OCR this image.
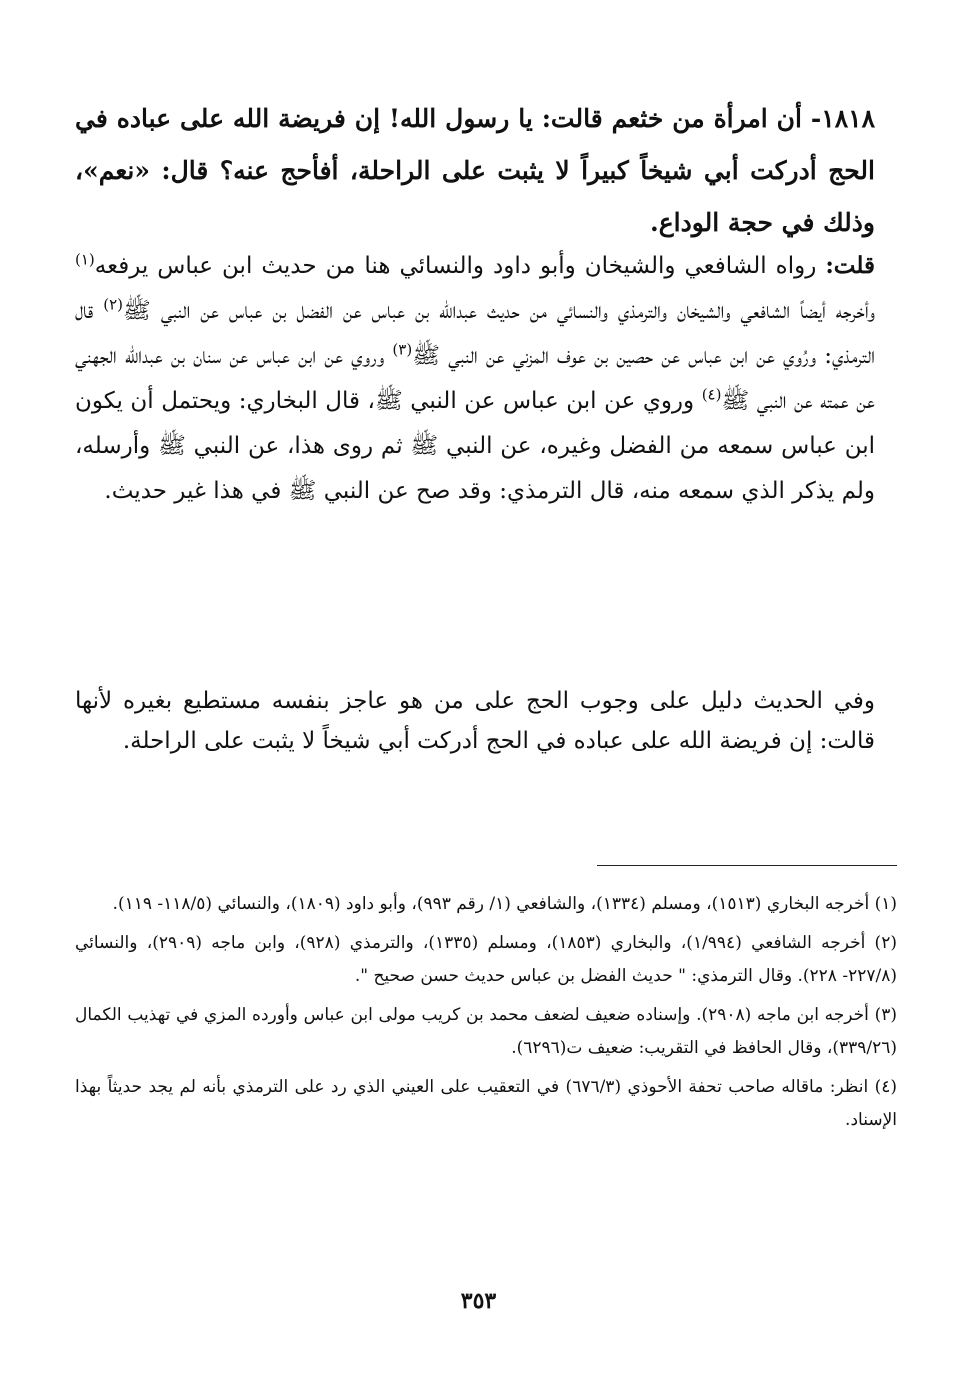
١٨١٨- أن امرأة من خثعم قالت: يا رسول الله! إن فريضة الله على عباده في الحج أدركت أبي شيخاً كبيراً لا يثبت على الراحلة، أفأحج عنه؟ قال: «نعم»، وذلك في حجة الوداع.

قلت: رواه الشافعي والشيخان وأبو داود والنسائي هنا من حديث ابن عباس يرفعه$^{(١)}$ وأخرجه أيضاً الشافعي والشيخان والترمذي والنسائي من حديث عبدالله بن عباس عن الفضل بن عباس عن النبي ﷺ$^{(٢)}$ قال الترمذي: ورُوي عن ابن عباس عن حصين بن عوف المزني عن النبي ﷺ$^{(٣)}$ وروي عن ابن عباس عن سنان بن عبدالله الجهني عن عمته عن النبي ﷺ$^{(٤)}$ وروي عن ابن عباس عن النبي ﷺ، قال البخاري: ويحتمل أن يكون ابن عباس سمعه من الفضل وغيره، عن النبي ﷺ ثم روى هذا، عن النبي ﷺ وأرسله، ولم يذكر الذي سمعه منه، قال الترمذي: وقد صح عن النبي ﷺ في هذا غير حديث.

وفي الحديث دليل على وجوب الحج على من هو عاجز بنفسه مستطيع بغيره لأنها قالت: إن فريضة الله على عباده في الحج أدركت أبي شيخاً لا يثبت على الراحلة.

(١) أخرجه البخاري (١٥١٣)، ومسلم (١٣٣٤)، والشافعي (١/ رقم ٩٩٣)، وأبو داود (١٨٠٩)، والنسائي (١١٨/٥- ١١٩).

(٢) أخرجه الشافعي (١/٩٩٤)، والبخاري (١٨٥٣)، ومسلم (١٣٣٥)، والترمذي (٩٢٨)، وابن ماجه (٢٩٠٩)، والنسائي (٢٢٧/٨- ٢٢٨). وقال الترمذي: " حديث الفضل بن عباس حديث حسن صحيح ".

(٣) أخرجه ابن ماجه (٢٩٠٨). وإسناده ضعيف لضعف محمد بن كريب مولى ابن عباس وأورده المزي في تهذيب الكمال (٣٣٩/٢٦)، وقال الحافظ في التقريب: ضعيف ت(٦٢٩٦).

(٤) انظر: ماقاله صاحب تحفة الأحوذي (٦٧٦/٣) في التعقيب على العيني الذي رد على الترمذي بأنه لم يجد حديثاً بهذا الإسناد.

٣٥٣
